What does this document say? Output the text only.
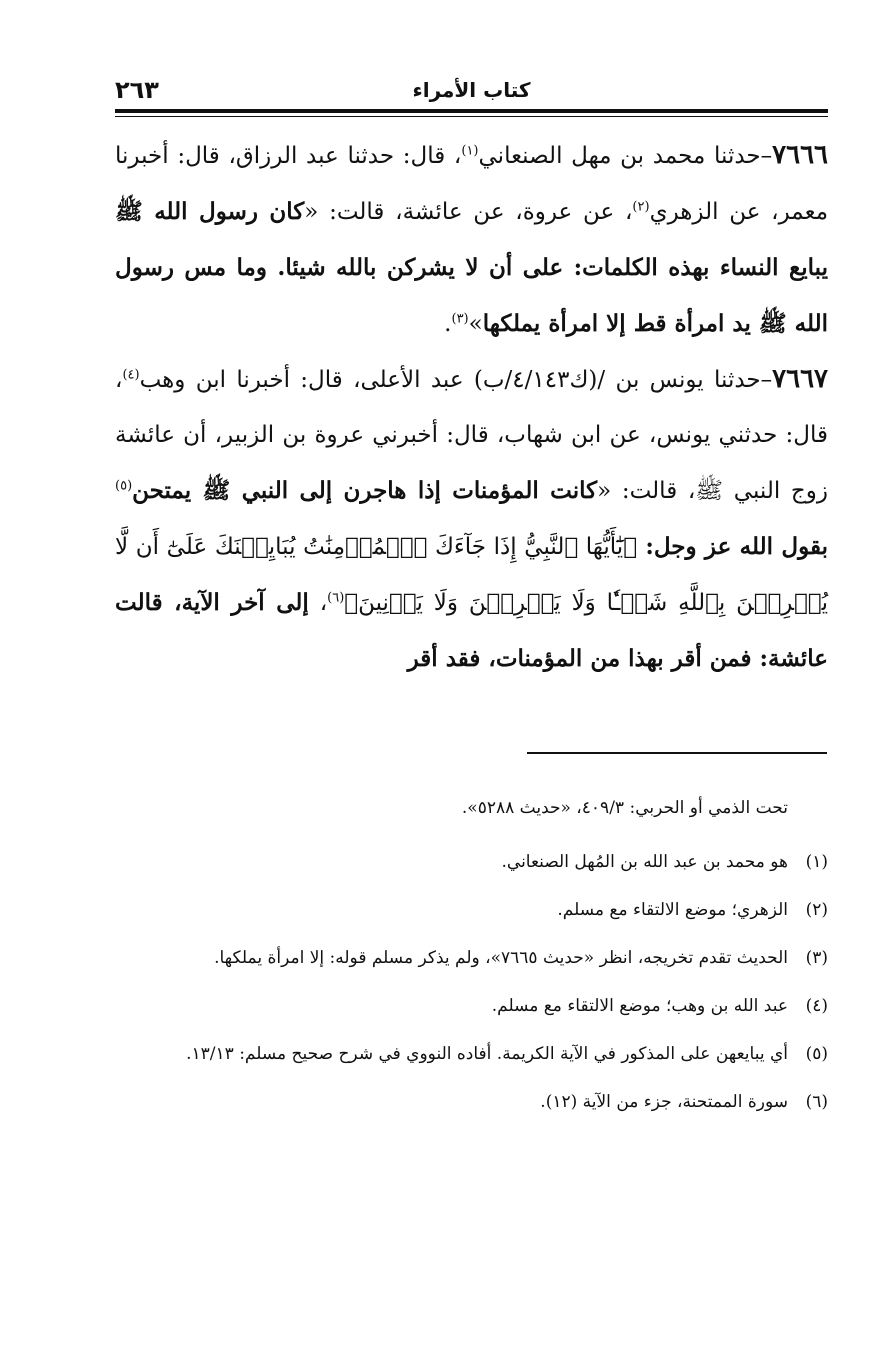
٢٦٣	كتاب الأمراء

٧٦٦٦–حدثنا محمد بن مهل الصنعاني$^{(١)}$، قال: حدثنا عبد الرزاق، قال: أخبرنا معمر، عن الزهري$^{(٢)}$، عن عروة، عن عائشة، قالت: «كان رسول الله ﷺ يبايع النساء بهذه الكلمات: على أن لا يشركن بالله شيئا. وما مس رسول الله ﷺ يد امرأة قط إلا امرأة يملكها»$^{(٣)}$.

٧٦٦٧–حدثنا يونس بن /(ك٤/١٤٣/ب) عبد الأعلى، قال: أخبرنا ابن وهب$^{(٤)}$، قال: حدثني يونس، عن ابن شهاب، قال: أخبرني عروة بن الزبير، أن عائشة زوج النبي ﷺ، قالت: «كانت المؤمنات إذا هاجرن إلى النبي ﷺ يمتحن$^{(٥)}$ بقول الله عز وجل: ﴿يَٰٓأَيُّهَا ٱلنَّبِيُّ إِذَا جَآءَكَ ٱلۡمُؤۡمِنَٰتُ يُبَايِعۡنَكَ عَلَىٰٓ أَن لَّا يُشۡرِكۡنَ بِٱللَّهِ شَيۡـٔٗا وَلَا يَسۡرِقۡنَ وَلَا يَزۡنِينَ﴾$^{(٦)}$، إلى آخر الآية، قالت عائشة: فمن أقر بهذا من المؤمنات، فقد أقر

تحت الذمي أو الحربي: ٤٠٩/٣، «حديث ٥٢٨٨».

(١)
هو محمد بن عبد الله بن المُهل الصنعاني.

(٢)
الزهري؛ موضع الالتقاء مع مسلم.

(٣)
الحديث تقدم تخريجه، انظر «حديث ٧٦٦٥»، ولم يذكر مسلم قوله: إلا امرأة يملكها.

(٤)
عبد الله بن وهب؛ موضع الالتقاء مع مسلم.

(٥)
أي يبايعهن على المذكور في الآية الكريمة. أفاده النووي في شرح صحيح مسلم: ١٣/١٣.

(٦)
سورة الممتحنة، جزء من الآية (١٢).
